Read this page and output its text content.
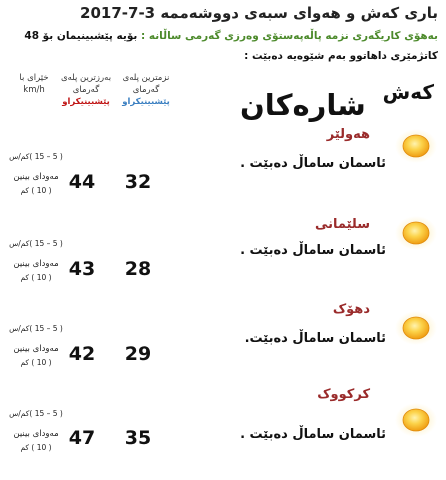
باری کەش و هەوای سبەی دووشەممە 3-7-2017
بەهۆی کاریگەری نزمە پاڵەپەستۆی وەرزی گەرمی ساڵانە : بۆیە پێشبینیمان بۆ 48
کاتژمێری داهاتوو بەم شێوەیە دەبێت :
نزمترین پلەی
گەرمای
پێشبینیکراو
بەرزترین پلەی
گەرمای
پێشبینیکراو
خێرای با
km/h	کەش
شارەکان
هەولێر
ئاسمان ساماڵ دەبێت .
32
44
( 5 – 15 )کم/س
مەودای بینین
( 10 ) کم
سلێمانی
ئاسمان ساماڵ دەبێت .
28
43
( 5 – 15 )کم/س
مەودای بینین
( 10 ) کم
دهۆک
ئاسمان ساماڵ دەبێت.
29
42
( 5 – 15 )کم/س
مەودای بینین
( 10 ) کم
کرکووک
ئاسمان ساماڵ دەبێت .
35
47
( 5 – 15 )کم/س
مەودای بینین
( 10 ) کم
